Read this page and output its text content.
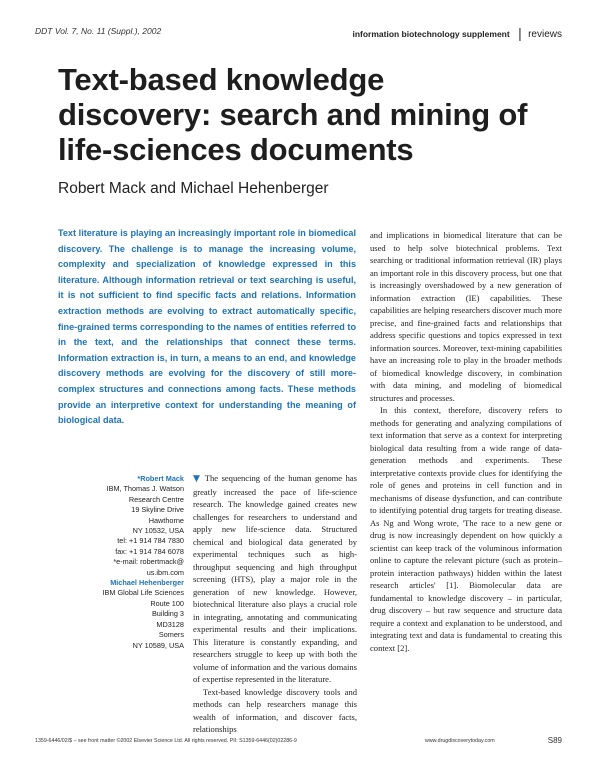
DDT Vol. 7, No. 11 (Suppl.), 2002	information biotechnology supplement | reviews
Text-based knowledge
discovery: search and mining of
life-sciences documents
Robert Mack and Michael Hehenberger
Text literature is playing an increasingly important role in biomedical discovery. The challenge is to manage the increasing volume, complexity and specialization of knowledge expressed in this literature. Although information retrieval or text searching is useful, it is not sufficient to find specific facts and relations. Information extraction methods are evolving to extract automatically specific, fine-grained terms corresponding to the names of entities referred to in the text, and the relationships that connect these terms. Information extraction is, in turn, a means to an end, and knowledge discovery methods are evolving for the discovery of still more-complex structures and connections among facts. These methods provide an interpretive context for understanding the meaning of biological data.
*Robert Mack
IBM, Thomas J. Watson
Research Centre
19 Skyline Drive
Hawthorne
NY 10532, USA
tel: +1 914 784 7830
fax: +1 914 784 6078
*e-mail: robertmack@
us.ibm.com
Michael Hehenberger
IBM Global Life Sciences
Route 100
Building 3
MD3128
Somers
NY 10589, USA

▼ The sequencing of the human genome has greatly increased the pace of life-science research. The knowledge gained creates new challenges for researchers to understand and apply new life-science data. Structured chemical and biological data generated by experimental techniques such as high-throughput sequencing and high throughput screening (HTS), play a major role in the generation of new knowledge. However, biotechnical literature also plays a crucial role in integrating, annotating and communicating experimental results and their implications. This literature is constantly expanding, and researchers struggle to keep up with both the volume of information and the various domains of expertise represented in the literature.

Text-based knowledge discovery tools and methods can help researchers manage this wealth of information, and discover facts, relationships

and implications in biomedical literature that can be used to help solve biotechnical problems. Text searching or traditional information retrieval (IR) plays an important role in this discovery process, but one that is increasingly overshadowed by a new generation of information extraction (IE) capabilities. These capabilities are helping researchers discover much more precise, and fine-grained facts and relationships that address specific questions and topics expressed in text information sources. Moreover, text-mining capabilities have an increasing role to play in the broader methods of biomedical knowledge discovery, in combination with data mining, and modeling of biomedical structures and processes.

In this context, therefore, discovery refers to methods for generating and analyzing compilations of text information that serve as a context for interpreting biological data resulting from a wide range of data-generation methods and experiments. These interpretative contexts provide clues for identifying the role of genes and proteins in cell function and in mechanisms of disease dysfunction, and can contribute to identifying potential drug targets for treating disease. As Ng and Wong wrote, 'The race to a new gene or drug is now increasingly dependent on how quickly a scientist can keep track of the voluminous information online to capture the relevant picture (such as protein–protein interaction pathways) hidden within the latest research articles' [1]. Biomolecular data are fundamental to knowledge discovery – in particular, drug discovery – but raw sequence and structure data require a context and explanation to be understood, and integrating text and data is fundamental to creating this context [2].

1359-6446/02/$ – see front matter ©2002 Elsevier Science Ltd. All rights reserved. PII: S1359-6446(02)02286-9	www.drugdiscoverytoday.com	S89
